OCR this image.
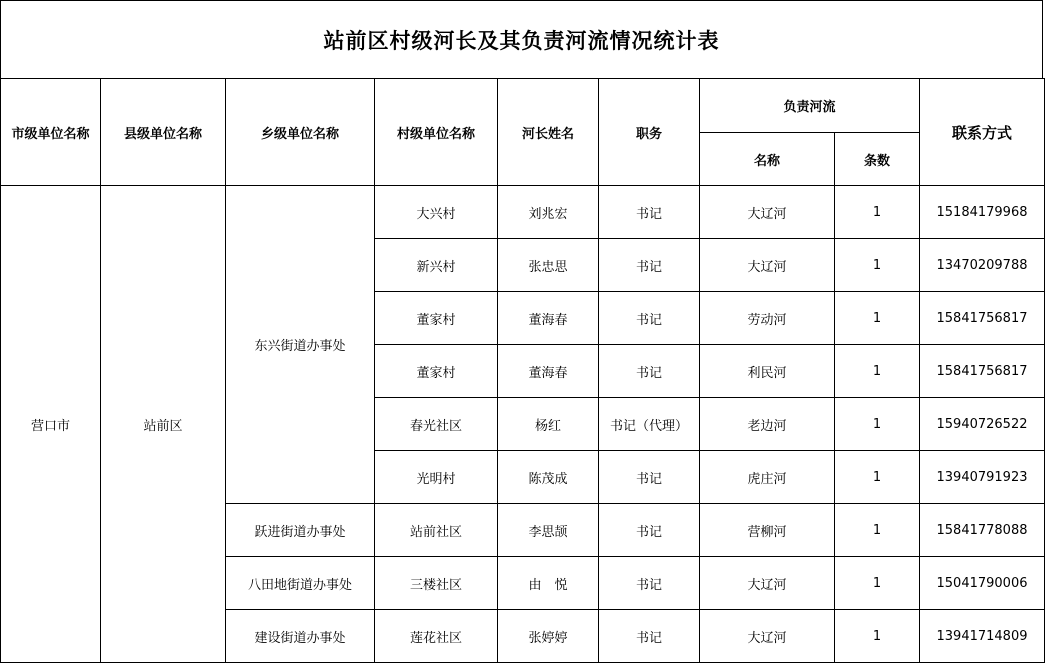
站前区村级河长及其负责河流情况统计表
市级单位名称	县级单位名称	乡级单位名称	村级单位名称	河长姓名	职务	负责河流		联系方式
						名称	条数	
营口市	站前区	东兴街道办事处	大兴村	刘兆宏	书记	大辽河	1	15184179968
			新兴村	张忠思	书记	大辽河	1	13470209788
			董家村	董海春	书记	劳动河	1	15841756817
			董家村	董海春	书记	利民河	1	15841756817
			春光社区	杨红	书记（代理）	老边河	1	15940726522
			光明村	陈茂成	书记	虎庄河	1	13940791923
		跃进街道办事处	站前社区	李思颉	书记	营柳河	1	15841778088
		八田地街道办事处	三楼社区	由　悦	书记	大辽河	1	15041790006
		建设街道办事处	莲花社区	张婷婷	书记	大辽河	1	13941714809
